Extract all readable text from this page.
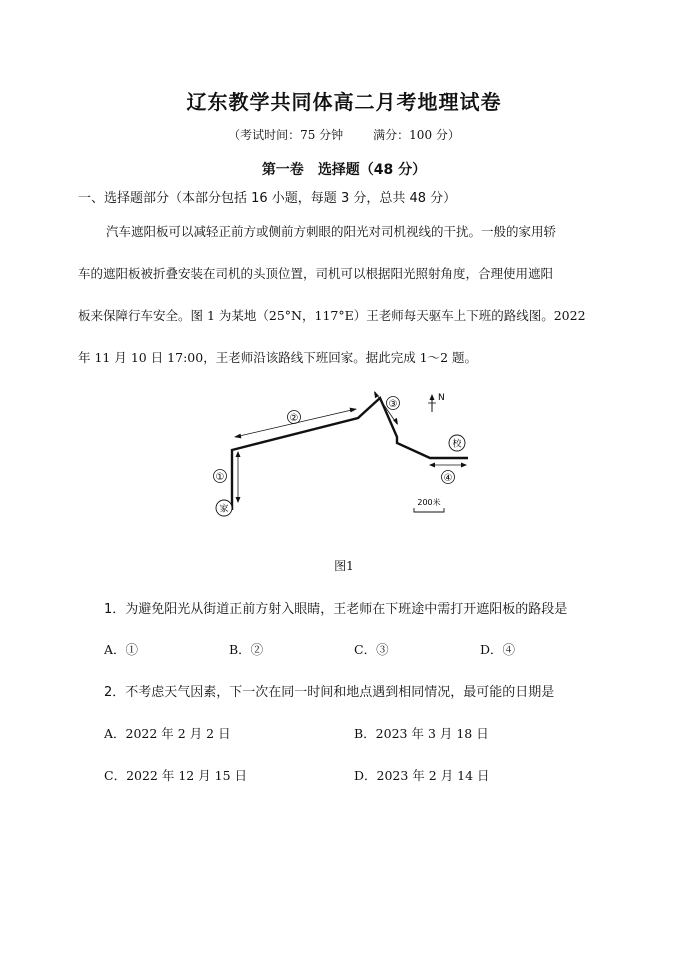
辽东教学共同体高二月考地理试卷
（考试时间：75 分钟	满分：100 分）
第一卷 选择题（48 分）
一、选择题部分（本部分包括 16 小题，每题 3 分，总共 48 分）
汽车遮阳板可以减轻正前方或侧前方刺眼的阳光对司机视线的干扰。一般的家用轿
车的遮阳板被折叠安装在司机的头顶位置，司机可以根据阳光照射角度，合理使用遮阳
板来保障行车安全。图 1 为某地（25°N，117°E）王老师每天驱车上下班的路线图。2022
年 11 月 10 日 17:00，王老师沿该路线下班回家。据此完成 1～2 题。
①
②
③
④
家
校
N
200米
图1
1．为避免阳光从街道正前方射入眼睛，王老师在下班途中需打开遮阳板的路段是
A．①	B．②	C．③	D．④
2．不考虑天气因素，下一次在同一时间和地点遇到相同情况，最可能的日期是
A．2022 年 2 月 2 日	B．2023 年 3 月 18 日
C．2022 年 12 月 15 日	D．2023 年 2 月 14 日
